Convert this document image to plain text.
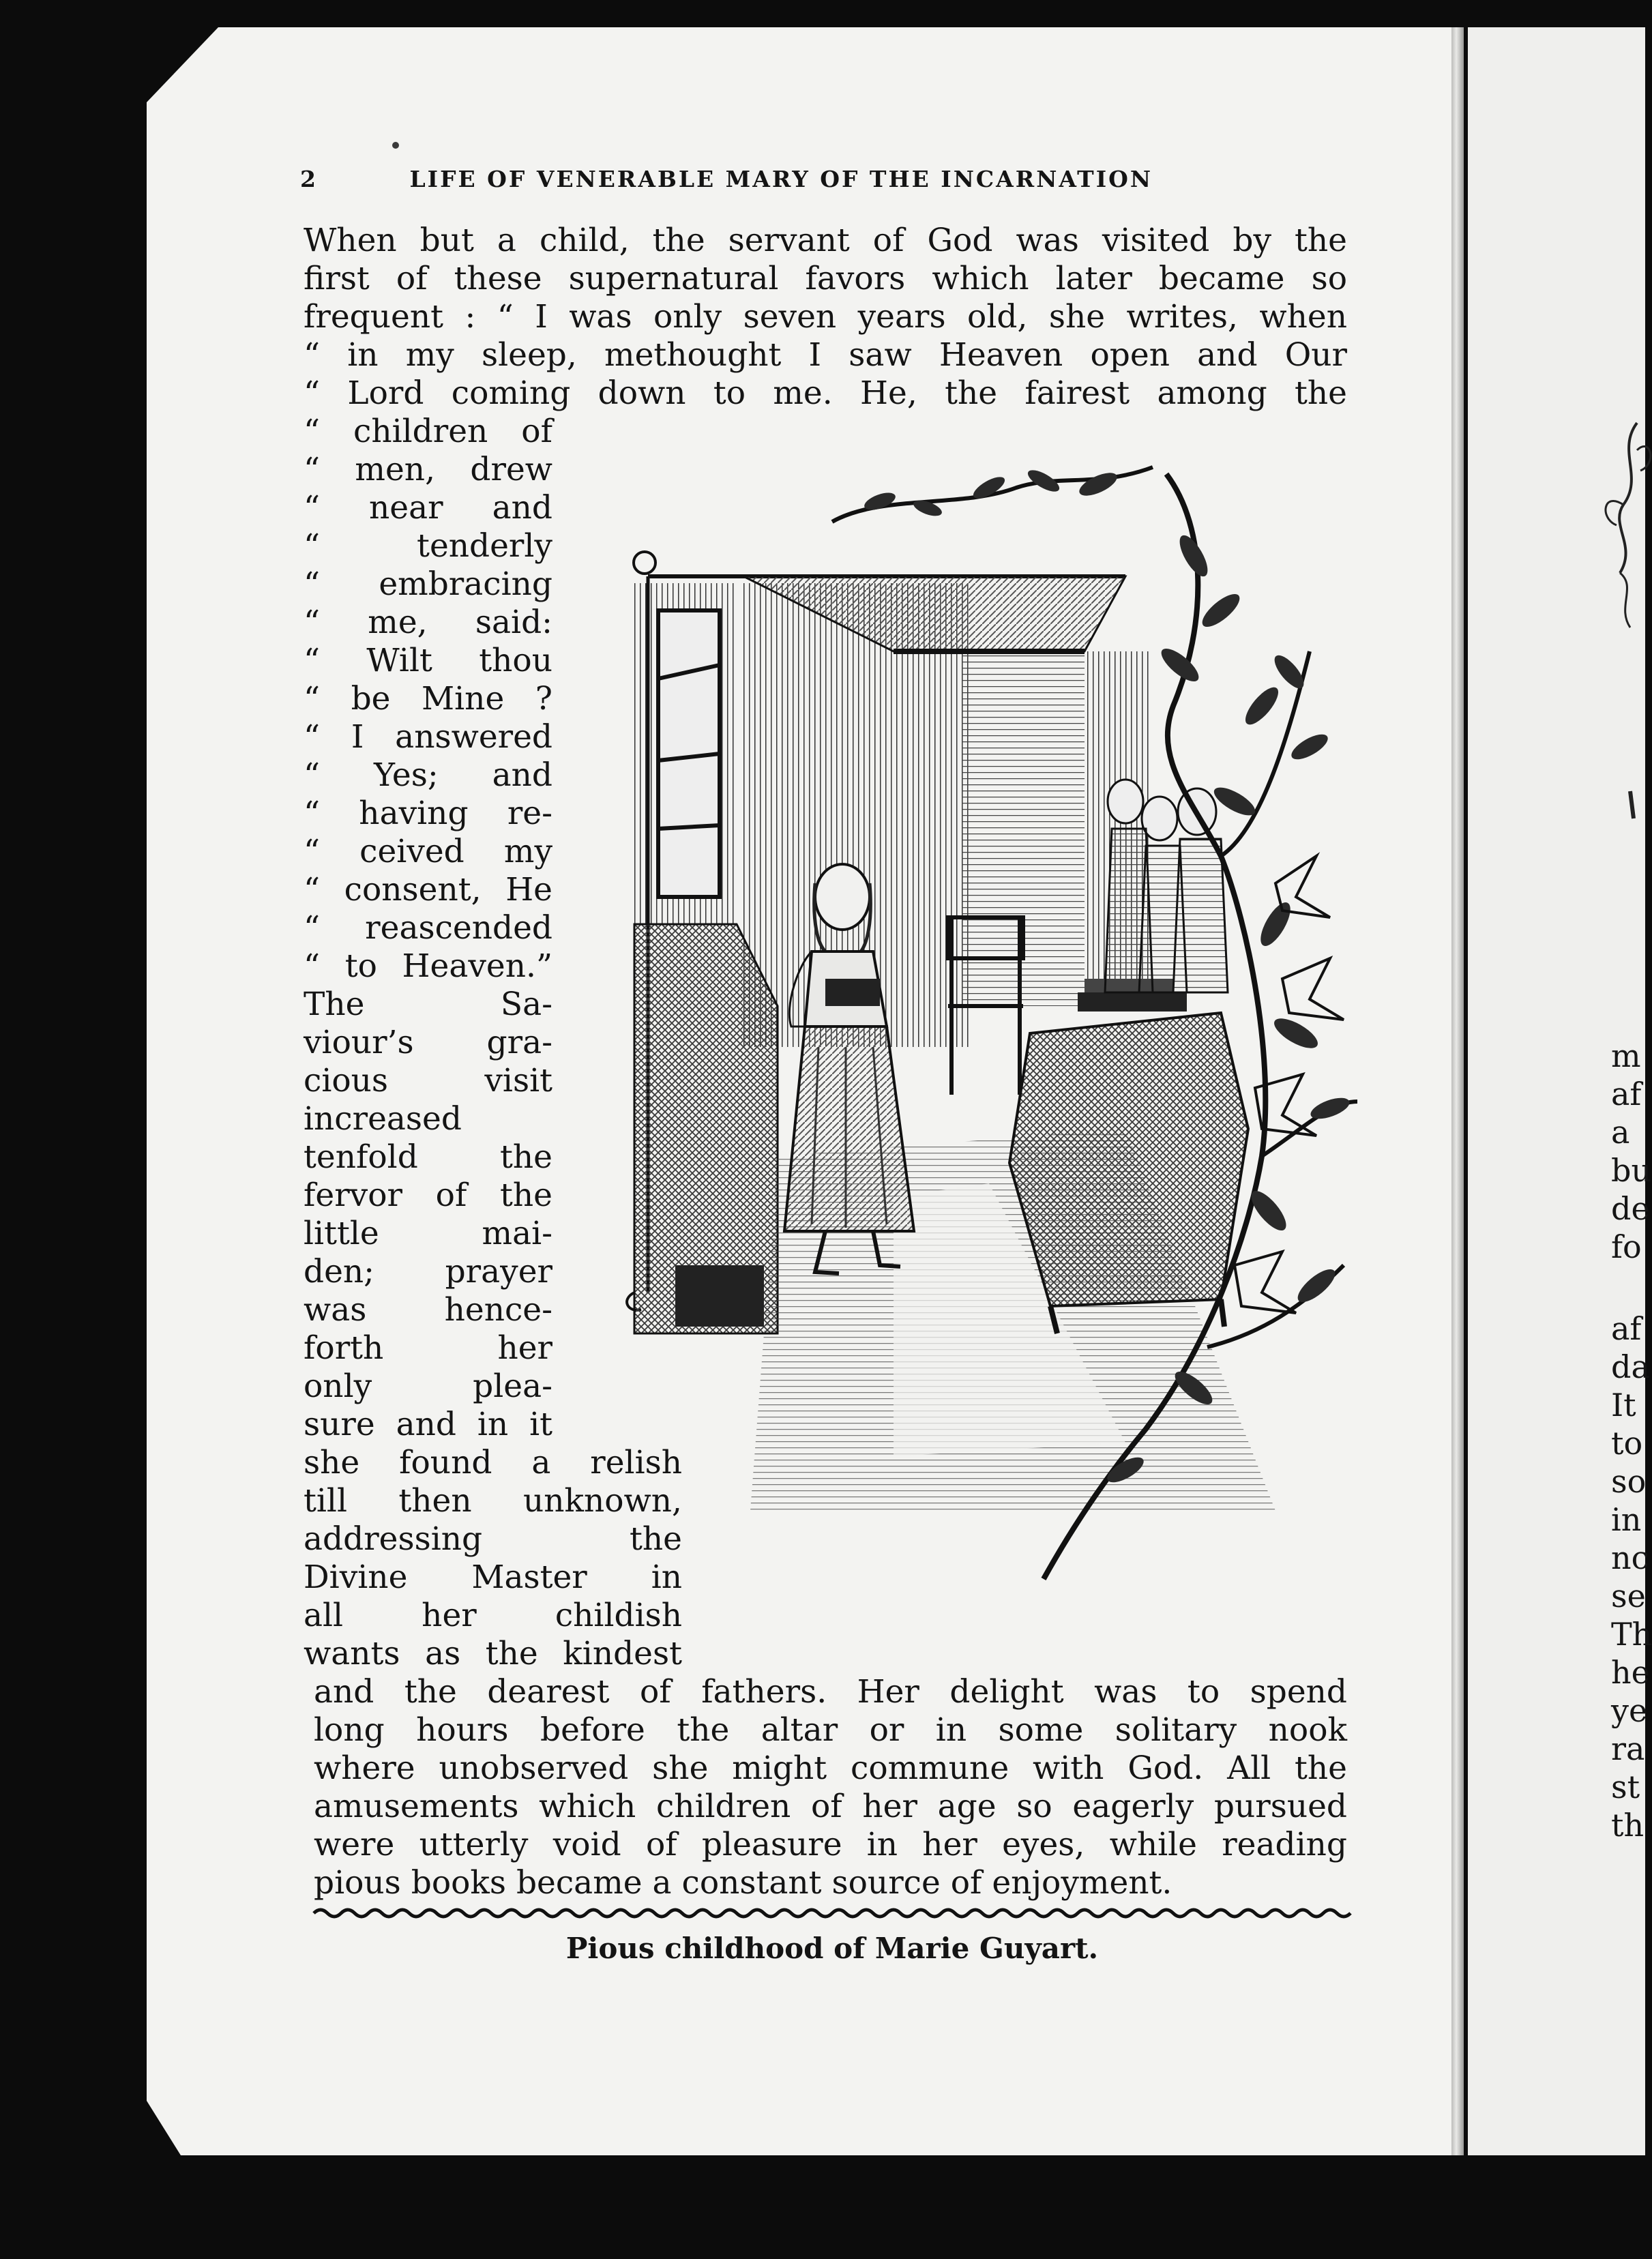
m
af
a
bu
de
fo
af
da
It
to
so
in
nc
se
Th
he
ye
ra
st
th
2	LIFE OF VENERABLE MARY OF THE INCARNATION
When but a child, the servant of God was visited by the
first of these supernatural favors which later became so
frequent : “ I was only seven years old, she writes, when
“ in my sleep, methought I saw Heaven open and Our
“ Lord coming down to me. He, the fairest among the
“ children of
“ men, drew
“ near and
“ tenderly
“ embracing
“ me, said:
“ Wilt thou
“ be Mine ?
“ I answered
“ Yes; and
“ having re-
“ ceived my
“ consent, He
“ reascended
“ to Heaven.”
The Sa-
viour’s gra-
cious visit
increased
tenfold the
fervor of the
little mai-
den; prayer
was hence-
forth her
only plea-
sure and in it
she found a relish
till then unknown,
addressing the
Divine Master in
all her childish
wants as the kindest
and the dearest of fathers. Her delight was to spend
long hours before the altar or in some solitary nook
where unobserved she might commune with God. All the
amusements which children of her age so eagerly pursued
were utterly void of pleasure in her eyes, while reading
pious books became a constant source of enjoyment.
Pious childhood of Marie Guyart.
